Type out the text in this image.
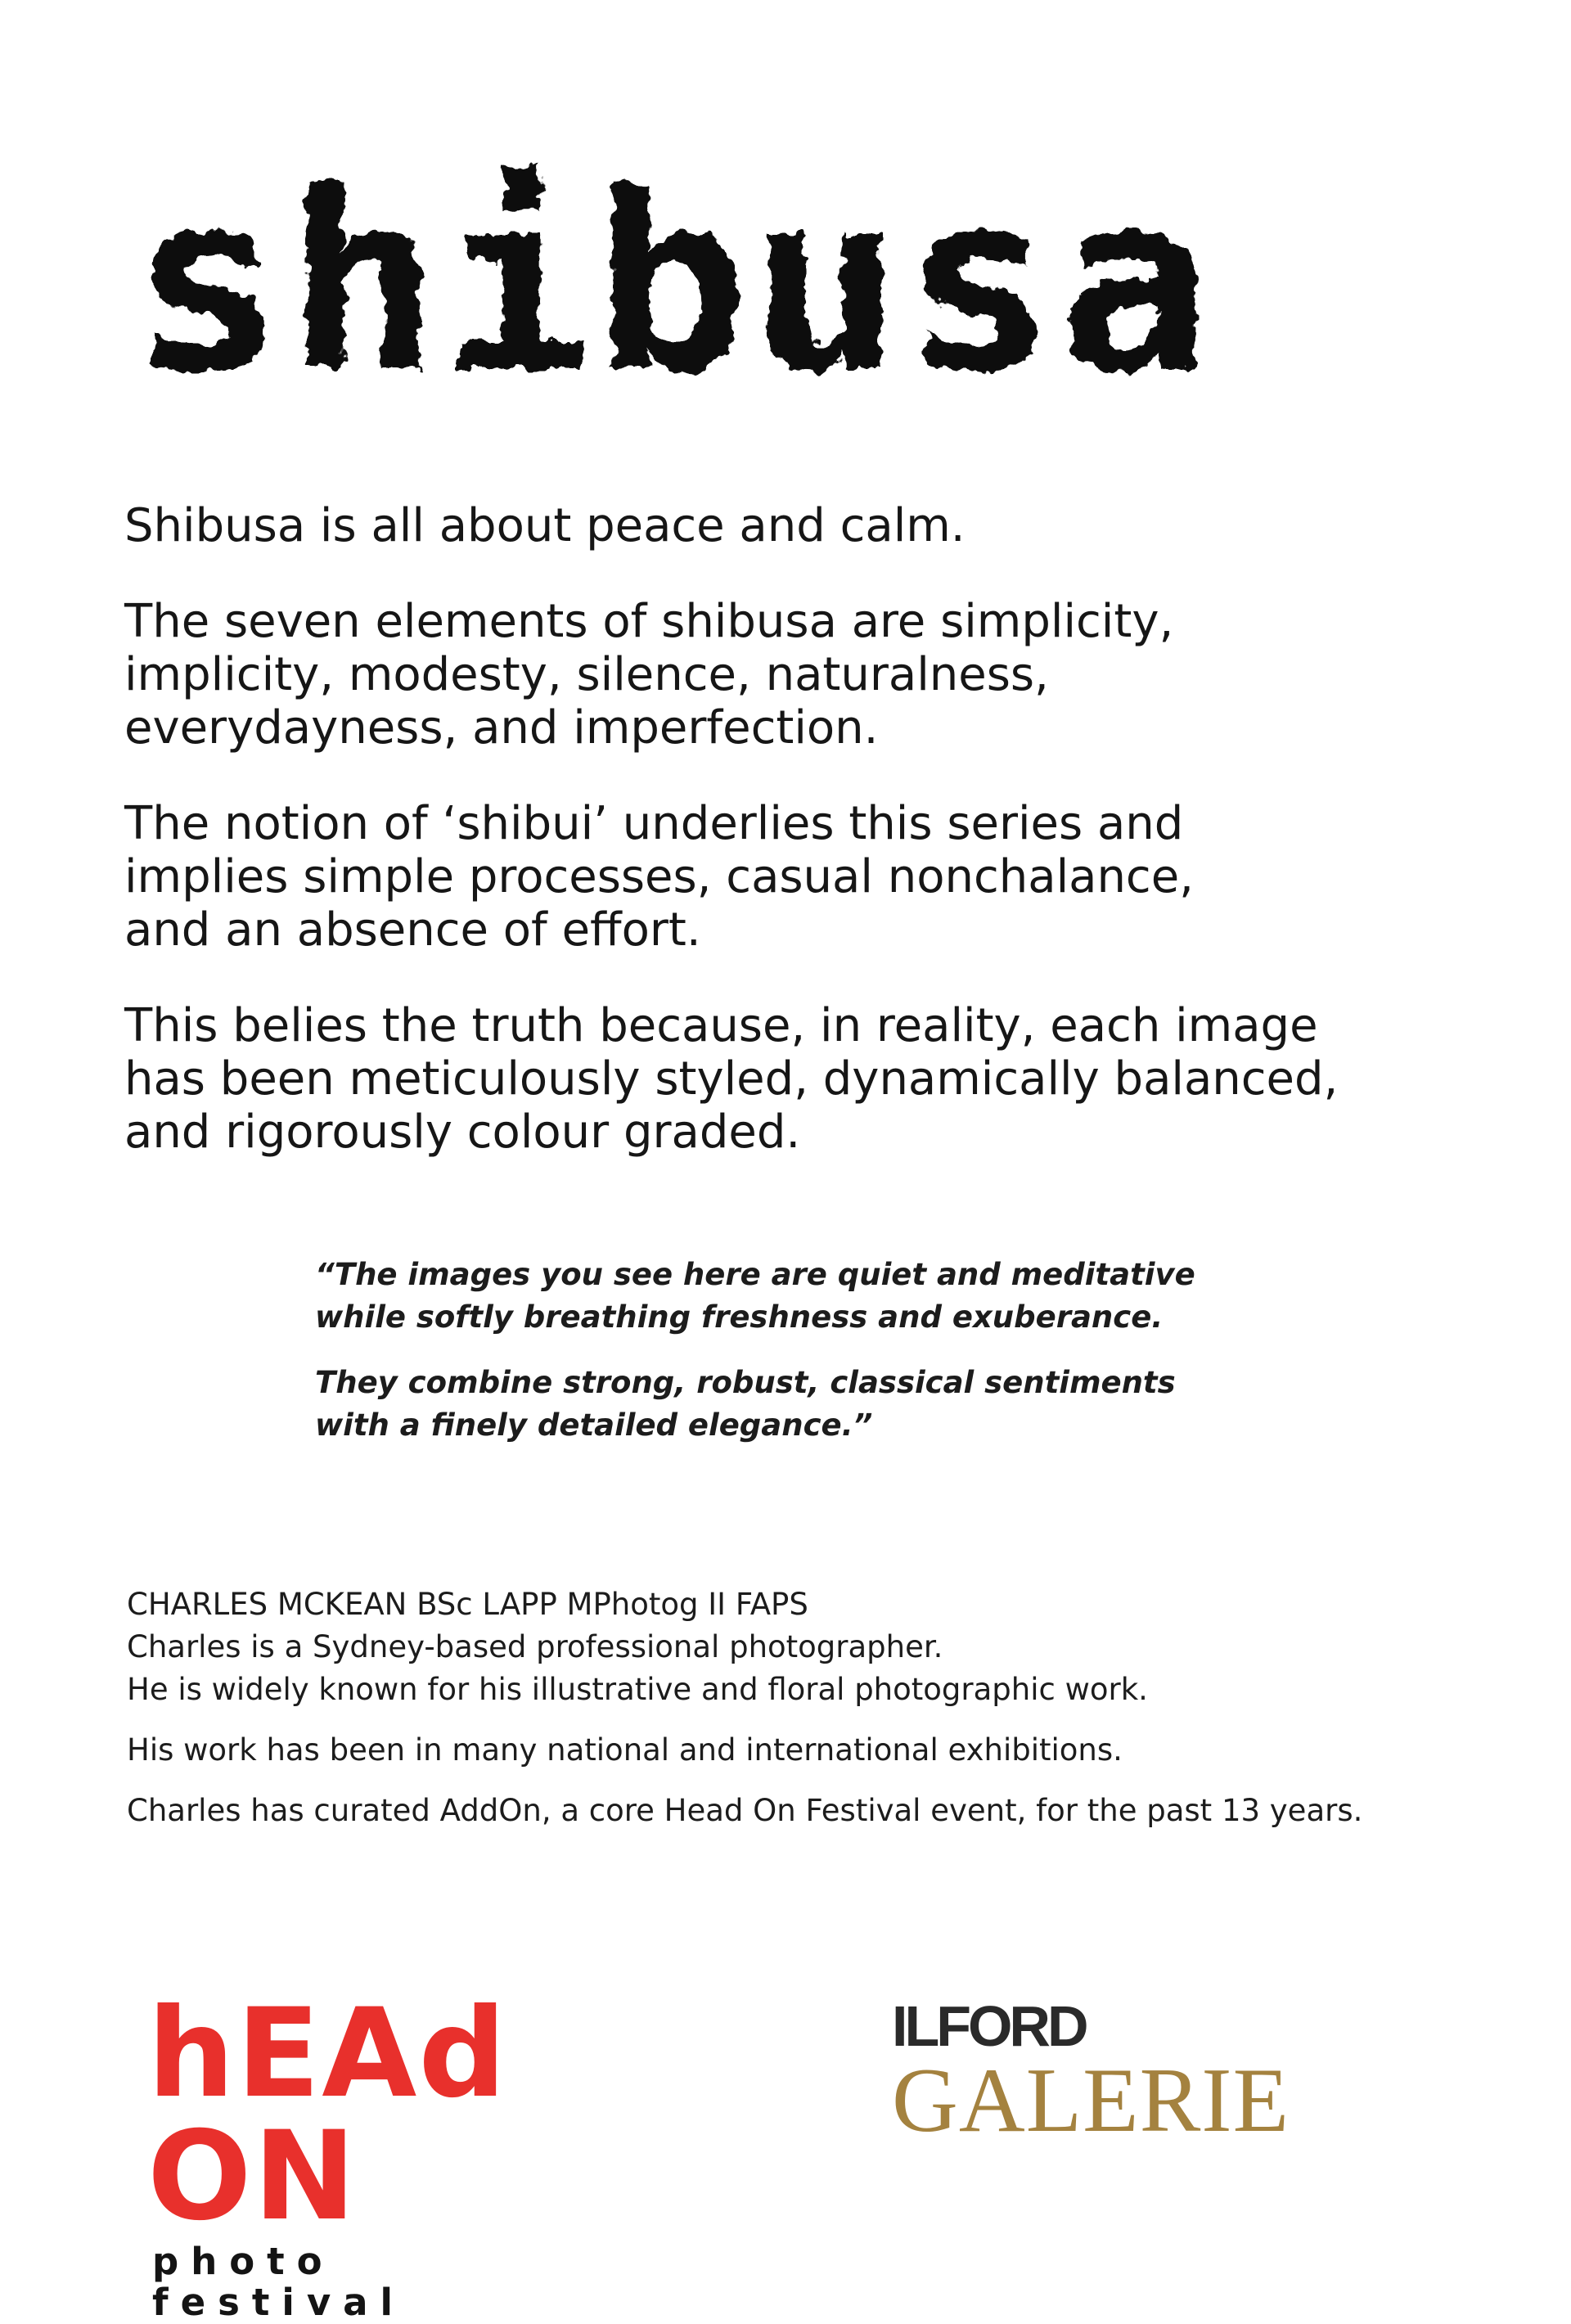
shibusa

Shibusa is all about peace and calm.

The seven elements of shibusa are simplicity,
implicity, modesty, silence, naturalness,
everydayness, and imperfection.

The notion of ‘shibui’ underlies this series and
implies simple processes, casual nonchalance,
and an absence of effort.

This belies the truth because, in reality, each image
has been meticulously styled, dynamically balanced,
and rigorously colour graded.

“The images you see here are quiet and meditative
while softly breathing freshness and exuberance.

They combine strong, robust, classical sentiments
with a finely detailed elegance.”

CHARLES MCKEAN BSc LAPP MPhotog II FAPS
Charles is a Sydney-based professional photographer.
He is widely known for his illustrative and floral photographic work.

His work has been in many national and international exhibitions.

Charles has curated AddOn, a core Head On Festival event, for the past 13 years.

hEAd ON
photo festival
ILFORD
GALERIE
